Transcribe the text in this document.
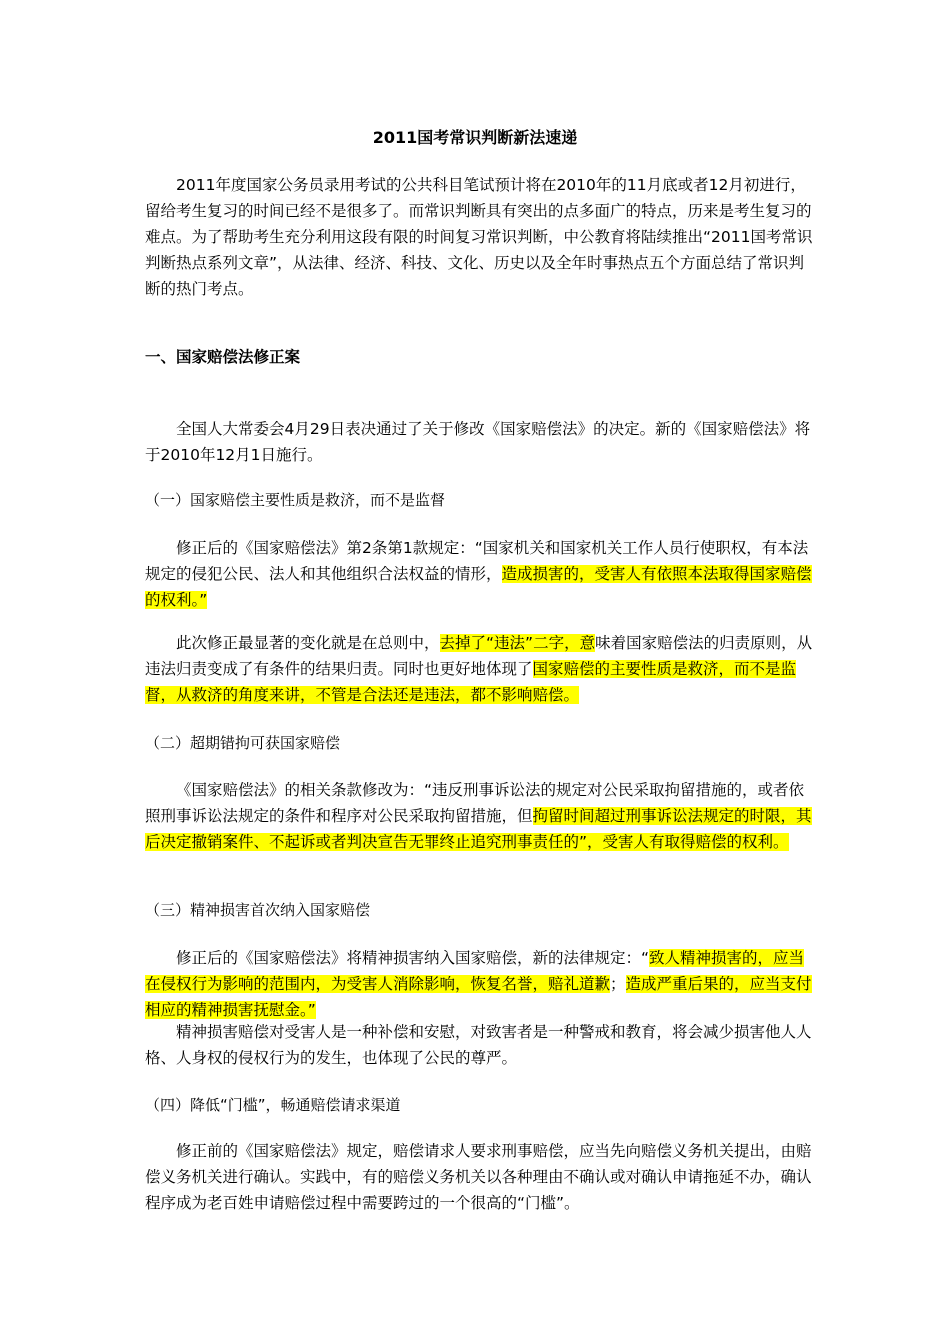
2011国考常识判断新法速递

2011年度国家公务员录用考试的公共科目笔试预计将在2010年的11月底或者12月初进行，留给考生复习的时间已经不是很多了。而常识判断具有突出的点多面广的特点，历来是考生复习的难点。为了帮助考生充分利用这段有限的时间复习常识判断，中公教育将陆续推出“2011国考常识判断热点系列文章”，从法律、经济、科技、文化、历史以及全年时事热点五个方面总结了常识判断的热门考点。

一、国家赔偿法修正案

全国人大常委会4月29日表决通过了关于修改《国家赔偿法》的决定。新的《国家赔偿法》将于2010年12月1日施行。

（一）国家赔偿主要性质是救济，而不是监督

修正后的《国家赔偿法》第2条第1款规定：“国家机关和国家机关工作人员行使职权，有本法规定的侵犯公民、法人和其他组织合法权益的情形，造成损害的，受害人有依照本法取得国家赔偿的权利。”

此次修正最显著的变化就是在总则中，去掉了“违法”二字，意味着国家赔偿法的归责原则，从违法归责变成了有条件的结果归责。同时也更好地体现了国家赔偿的主要性质是救济，而不是监督，从救济的角度来讲，不管是合法还是违法，都不影响赔偿。

（二）超期错拘可获国家赔偿

《国家赔偿法》的相关条款修改为：“违反刑事诉讼法的规定对公民采取拘留措施的，或者依照刑事诉讼法规定的条件和程序对公民采取拘留措施，但拘留时间超过刑事诉讼法规定的时限，其后决定撤销案件、不起诉或者判决宣告无罪终止追究刑事责任的”，受害人有取得赔偿的权利。

（三）精神损害首次纳入国家赔偿

修正后的《国家赔偿法》将精神损害纳入国家赔偿，新的法律规定：“致人精神损害的，应当在侵权行为影响的范围内，为受害人消除影响，恢复名誉，赔礼道歉；造成严重后果的，应当支付相应的精神损害抚慰金。”

精神损害赔偿对受害人是一种补偿和安慰，对致害者是一种警戒和教育，将会减少损害他人人格、人身权的侵权行为的发生，也体现了公民的尊严。

（四）降低“门槛”，畅通赔偿请求渠道

修正前的《国家赔偿法》规定，赔偿请求人要求刑事赔偿，应当先向赔偿义务机关提出，由赔偿义务机关进行确认。实践中，有的赔偿义务机关以各种理由不确认或对确认申请拖延不办，确认程序成为老百姓申请赔偿过程中需要跨过的一个很高的“门槛”。
